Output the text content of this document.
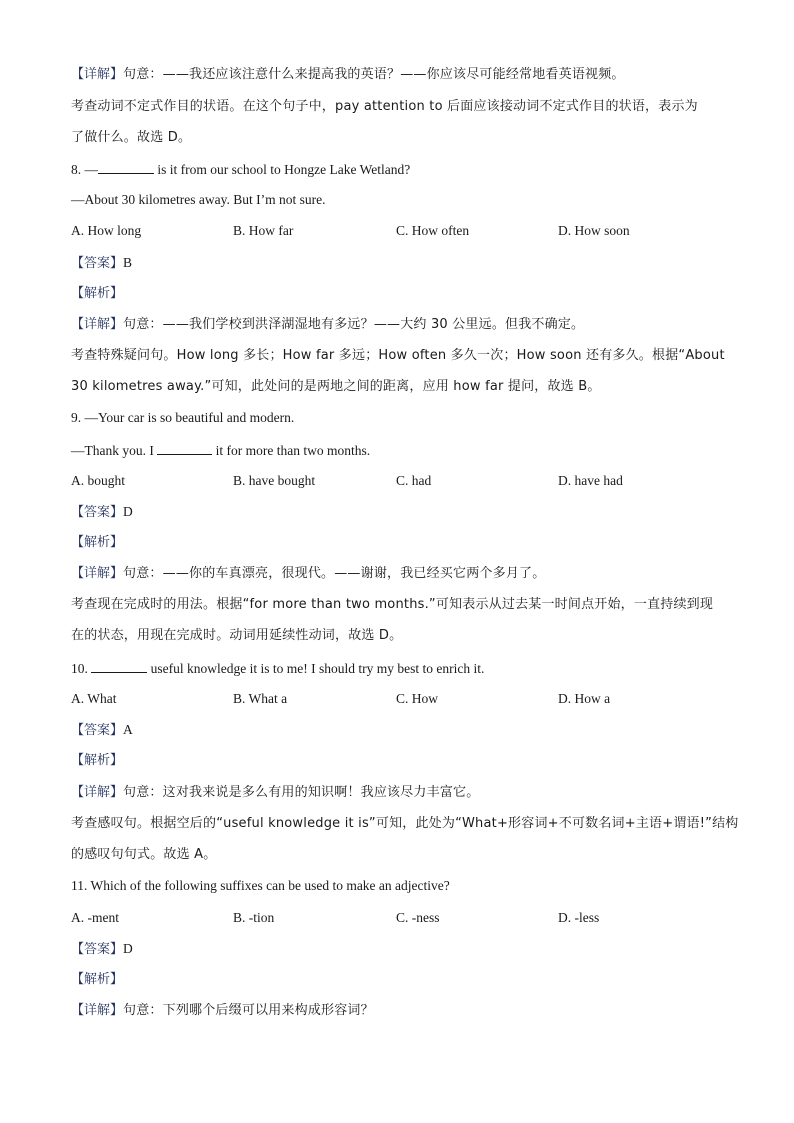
【详解】句意：——我还应该注意什么来提高我的英语？——你应该尽可能经常地看英语视频。
考查动词不定式作目的状语。在这个句子中，pay attention to 后面应该接动词不定式作目的状语，表示为
了做什么。故选 D。
8. —	is it from our school to Hongze Lake Wetland?
—About 30 kilometres away. But I’m not sure.
A. How long	B. How far	C. How often	D. How soon
【答案】B
【解析】
【详解】句意：——我们学校到洪泽湖湿地有多远？——大约 30 公里远。但我不确定。
考查特殊疑问句。How long 多长；How far 多远；How often 多久一次；How soon 还有多久。根据“About
30 kilometres away.”可知，此处问的是两地之间的距离，应用 how far 提问，故选 B。
9. —Your car is so beautiful and modern.
—Thank you. I	it for more than two months.
A. bought	B. have bought	C. had	D. have had
【答案】D
【解析】
【详解】句意：——你的车真漂亮，很现代。——谢谢，我已经买它两个多月了。
考查现在完成时的用法。根据“for more than two months.”可知表示从过去某一时间点开始，一直持续到现
在的状态，用现在完成时。动词用延续性动词，故选 D。
10.	useful knowledge it is to me! I should try my best to enrich it.
A. What	B. What a	C. How	D. How a
【答案】A
【解析】
【详解】句意：这对我来说是多么有用的知识啊！我应该尽力丰富它。
考查感叹句。根据空后的“useful knowledge it is”可知，此处为“What+形容词+不可数名词+主语+谓语!”结构
的感叹句句式。故选 A。
11. Which of the following suffixes can be used to make an adjective?
A. -ment	B. -tion	C. -ness	D. -less
【答案】D
【解析】
【详解】句意：下列哪个后缀可以用来构成形容词？
